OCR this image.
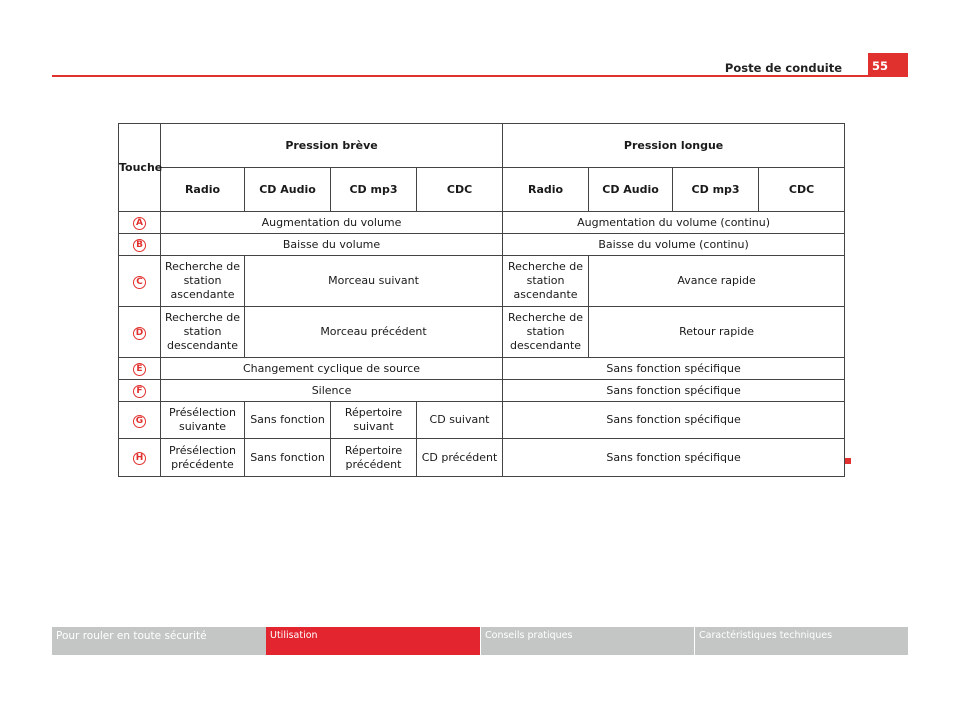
55
Poste de conduite
Touche	Pression brève				Pression longue			
	Radio	CD Audio	CD mp3	CDC	Radio	CD Audio	CD mp3	CDC
A	Augmentation du volume				Augmentation du volume (continu)			
B	Baisse du volume				Baisse du volume (continu)			
C	Recherche de station ascendante	Morceau suivant			Recherche de station ascendante	Avance rapide		
D	Recherche de station descendante	Morceau précédent			Recherche de station descendante	Retour rapide		
E	Changement cyclique de source				Sans fonction spécifique			
F	Silence				Sans fonction spécifique			
G	Présélection suivante	Sans fonction	Répertoire suivant	CD suivant	Sans fonction spécifique			
H	Présélection précédente	Sans fonction	Répertoire précédent	CD précédent	Sans fonction spécifique			
Pour rouler en toute sécurité	Utilisation	Conseils pratiques	Caractéristiques techniques
